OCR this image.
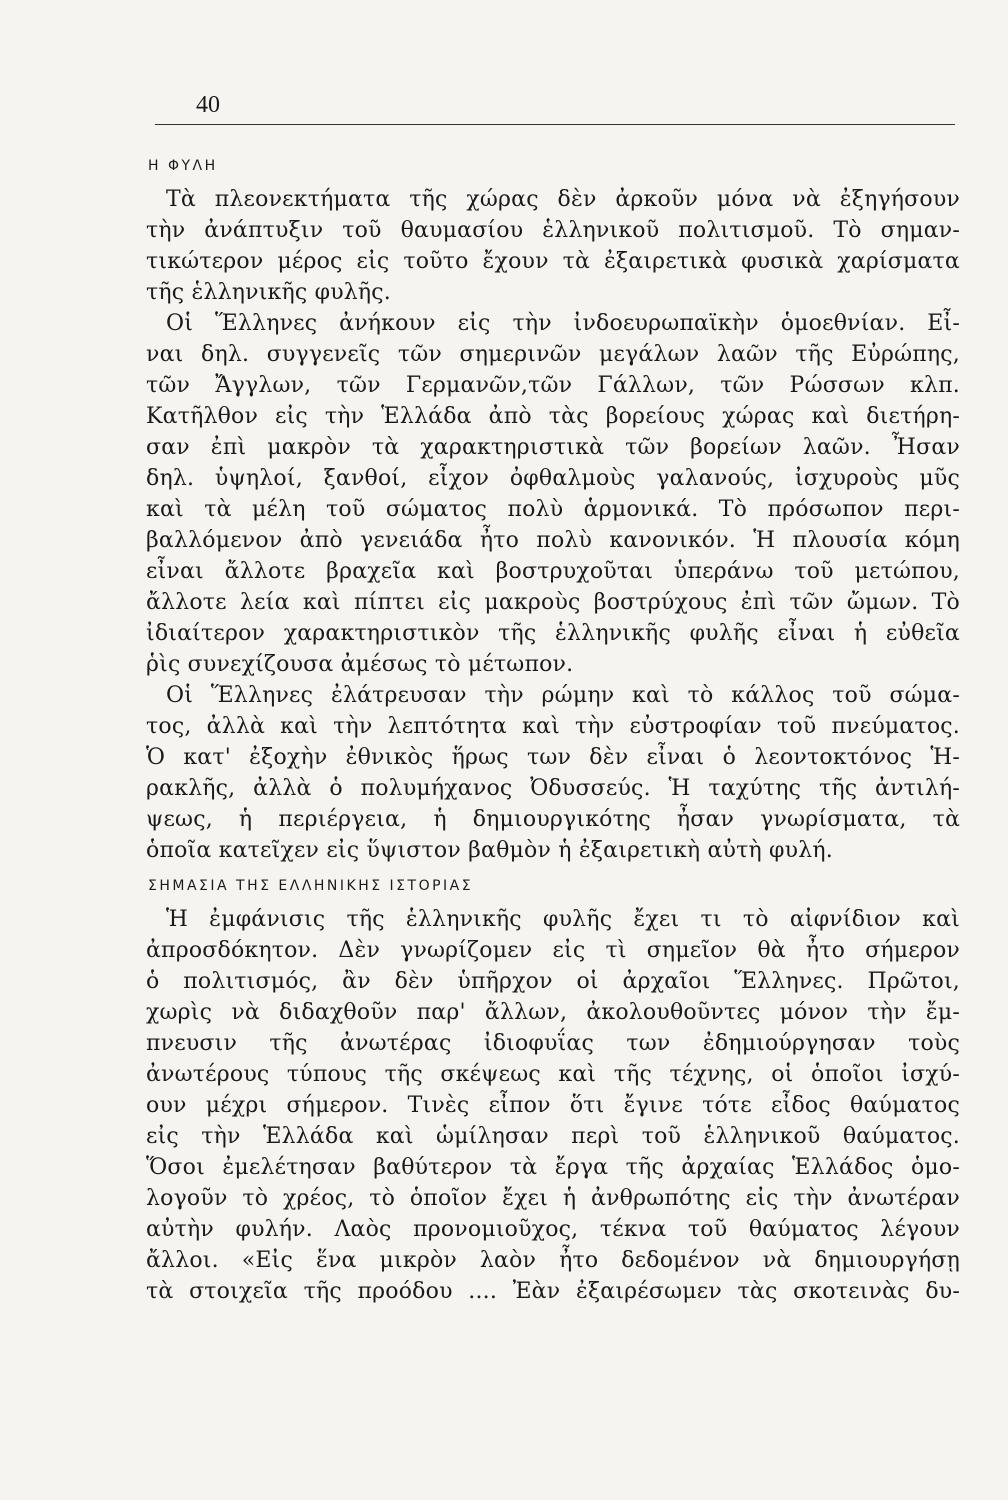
40
Η ΦΥΛΗ

Τὰ πλεονεκτήματα τῆς χώρας δὲν ἀρκοῦν μόνα νὰ ἐξηγήσουν
τὴν ἀνάπτυξιν τοῦ θαυμασίου ἑλληνικοῦ πολιτισμοῦ. Τὸ σημαν-
τικώτερον μέρος εἰς τοῦτο ἔχουν τὰ ἐξαιρετικὰ φυσικὰ χαρίσματα
τῆς ἑλληνικῆς φυλῆς.

Οἱ Ἕλληνες ἀνήκουν εἰς τὴν ἰνδοευρωπαϊκὴν ὁμοεθνίαν. Εἶ-
ναι δηλ. συγγενεῖς τῶν σημερινῶν μεγάλων λαῶν τῆς Εὐρώπης,
τῶν Ἄγγλων, τῶν Γερμανῶν,τῶν Γάλλων, τῶν Ρώσσων κλπ.
Κατῆλθον εἰς τὴν Ἑλλάδα ἀπὸ τὰς βορείους χώρας καὶ διετήρη-
σαν ἐπὶ μακρὸν τὰ χαρακτηριστικὰ τῶν βορείων λαῶν. Ἦσαν
δηλ. ὑψηλοί, ξανθοί, εἶχον ὀφθαλμοὺς γαλανούς, ἰσχυροὺς μῦς
καὶ τὰ μέλη τοῦ σώματος πολὺ ἁρμονικά. Τὸ πρόσωπον περι-
βαλλόμενον ἀπὸ γενειάδα ἦτο πολὺ κανονικόν. Ἡ πλουσία κόμη
εἶναι ἄλλοτε βραχεῖα καὶ βοστρυχοῦται ὑπεράνω τοῦ μετώπου,
ἄλλοτε λεία καὶ πίπτει εἰς μακροὺς βοστρύχους ἐπὶ τῶν ὤμων. Τὸ
ἰδιαίτερον χαρακτηριστικὸν τῆς ἑλληνικῆς φυλῆς εἶναι ἡ εὐθεῖα
ῥὶς συνεχίζουσα ἀμέσως τὸ μέτωπον.

Οἱ Ἕλληνες ἐλάτρευσαν τὴν ρώμην καὶ τὸ κάλλος τοῦ σώμα-
τος, ἀλλὰ καὶ τὴν λεπτότητα καὶ τὴν εὐστροφίαν τοῦ πνεύματος.
Ὁ κατ' ἐξοχὴν ἐθνικὸς ἥρως των δὲν εἶναι ὁ λεοντοκτόνος Ἡ-
ρακλῆς, ἀλλὰ ὁ πολυμήχανος Ὀδυσσεύς. Ἡ ταχύτης τῆς ἀντιλή-
ψεως, ἡ περιέργεια, ἡ δημιουργικότης ἦσαν γνωρίσματα, τὰ
ὁποῖα κατεῖχεν εἰς ὕψιστον βαθμὸν ἡ ἐξαιρετικὴ αὐτὴ φυλή.

ΣΗΜΑΣΙΑ ΤΗΣ ΕΛΛΗΝΙΚΗΣ ΙΣΤΟΡΙΑΣ

Ἡ ἐμφάνισις τῆς ἑλληνικῆς φυλῆς ἔχει τι τὸ αἰφνίδιον καὶ
ἀπροσδόκητον. Δὲν γνωρίζομεν εἰς τὶ σημεῖον θὰ ἦτο σήμερον
ὁ πολιτισμός, ἂν δὲν ὑπῆρχον οἱ ἀρχαῖοι Ἕλληνες. Πρῶτοι,
χωρὶς νὰ διδαχθοῦν παρ' ἄλλων, ἀκολουθοῦντες μόνον τὴν ἔμ-
πνευσιν τῆς ἀνωτέρας ἰδιοφυΐας των ἐδημιούργησαν τοὺς
ἀνωτέρους τύπους τῆς σκέψεως καὶ τῆς τέχνης, οἱ ὁποῖοι ἰσχύ-
ουν μέχρι σήμερον. Τινὲς εἶπον ὅτι ἔγινε τότε εἶδος θαύματος
εἰς τὴν Ἑλλάδα καὶ ὡμίλησαν περὶ τοῦ ἑλληνικοῦ θαύματος.
Ὅσοι ἐμελέτησαν βαθύτερον τὰ ἔργα τῆς ἀρχαίας Ἑλλάδος ὁμο-
λογοῦν τὸ χρέος, τὸ ὁποῖον ἔχει ἡ ἀνθρωπότης εἰς τὴν ἀνωτέραν
αὐτὴν φυλήν. Λαὸς προνομιοῦχος, τέκνα τοῦ θαύματος λέγουν
ἄλλοι. «Εἰς ἕνα μικρὸν λαὸν ἦτο δεδομένον νὰ δημιουργήσῃ
τὰ στοιχεῖα τῆς προόδου .... Ἐὰν ἐξαιρέσωμεν τὰς σκοτεινὰς δυ-
